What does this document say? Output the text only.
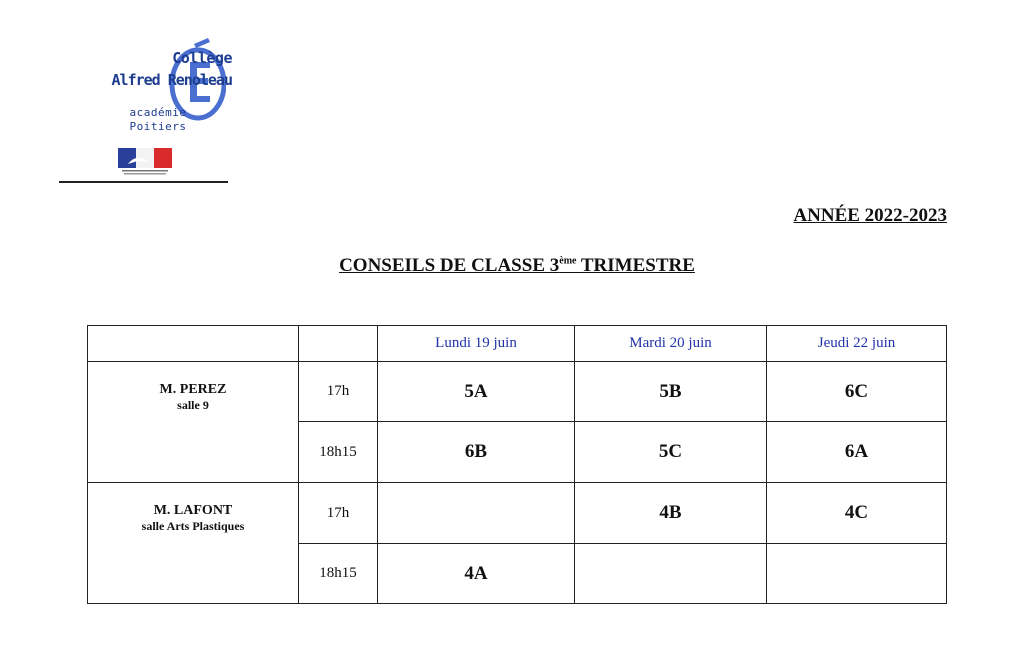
Collège
Alfred Renoleau
académie
Poitiers
ANNÉE 2022-2023
CONSEILS DE CLASSE 3ème TRIMESTRE
		Lundi 19 juin	Mardi 20 juin	Jeudi 22 juin

M. PEREZ
salle 9	17h	5A	5B	6C
	18h15	6B	5C	6A

M. LAFONT
salle Arts Plastiques	17h		4B	4C
	18h15	4A		
